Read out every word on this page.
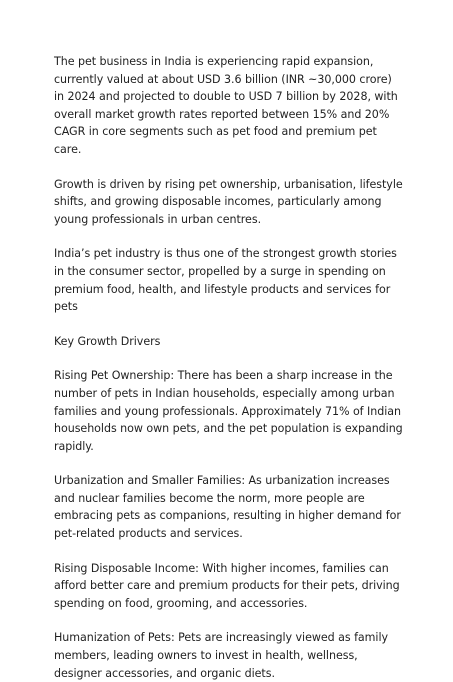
The pet business in India is experiencing rapid expansion, currently valued at about USD 3.6 billion (INR ~30,000 crore) in 2024 and projected to double to USD 7 billion by 2028, with overall market growth rates reported between 15% and 20% CAGR in core segments such as pet food and premium pet care.

Growth is driven by rising pet ownership, urbanisation, lifestyle shifts, and growing disposable incomes, particularly among young professionals in urban centres.

India’s pet industry is thus one of the strongest growth stories in the consumer sector, propelled by a surge in spending on premium food, health, and lifestyle products and services for pets

Key Growth Drivers

Rising Pet Ownership: There has been a sharp increase in the number of pets in Indian households, especially among urban families and young professionals. Approximately 71% of Indian households now own pets, and the pet population is expanding rapidly.

Urbanization and Smaller Families: As urbanization increases and nuclear families become the norm, more people are embracing pets as companions, resulting in higher demand for pet-related products and services.

Rising Disposable Income: With higher incomes, families can afford better care and premium products for their pets, driving spending on food, grooming, and accessories.

Humanization of Pets: Pets are increasingly viewed as family members, leading owners to invest in health, wellness, designer accessories, and organic diets.
